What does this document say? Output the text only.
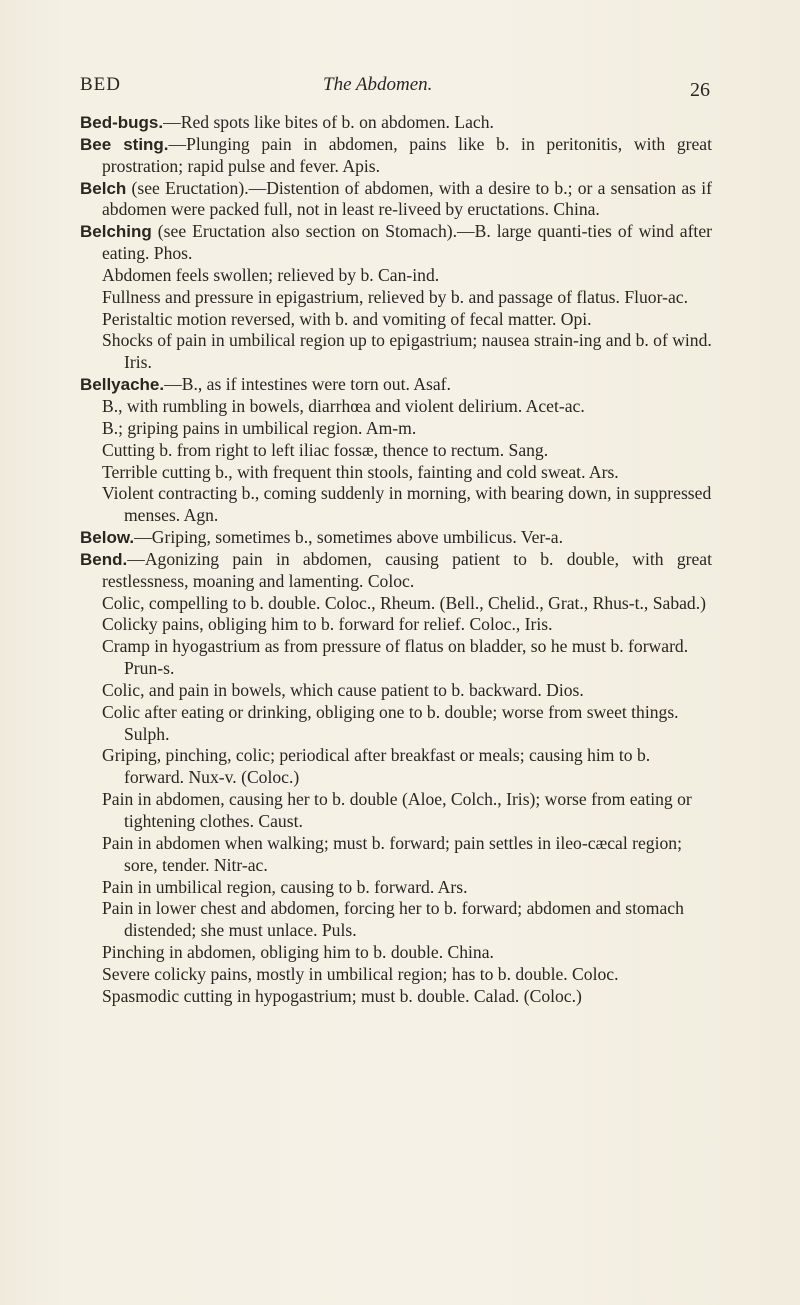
BED	The Abdomen.	26

Bed-bugs.—Red spots like bites of b. on abdomen. Lach.

Bee sting.—Plunging pain in abdomen, pains like b. in peritonitis, with great prostration; rapid pulse and fever. Apis.

Belch (see Eructation).—Distention of abdomen, with a desire to b.; or a sensation as if abdomen were packed full, not in least re-liveed by eructations. China.

Belching (see Eructation also section on Stomach).—B. large quanti-ties of wind after eating. Phos.

Abdomen feels swollen; relieved by b. Can-ind.

Fullness and pressure in epigastrium, relieved by b. and passage of flatus. Fluor-ac.

Peristaltic motion reversed, with b. and vomiting of fecal matter. Opi.

Shocks of pain in umbilical region up to epigastrium; nausea strain-ing and b. of wind. Iris.

Bellyache.—B., as if intestines were torn out. Asaf.

B., with rumbling in bowels, diarrhœa and violent delirium. Acet-ac.

B.; griping pains in umbilical region. Am-m.

Cutting b. from right to left iliac fossæ, thence to rectum. Sang.

Terrible cutting b., with frequent thin stools, fainting and cold sweat. Ars.

Violent contracting b., coming suddenly in morning, with bearing down, in suppressed menses. Agn.

Below.—Griping, sometimes b., sometimes above umbilicus. Ver-a.

Bend.—Agonizing pain in abdomen, causing patient to b. double, with great restlessness, moaning and lamenting. Coloc.

Colic, compelling to b. double. Coloc., Rheum. (Bell., Chelid., Grat., Rhus-t., Sabad.)

Colicky pains, obliging him to b. forward for relief. Coloc., Iris.

Cramp in hyogastrium as from pressure of flatus on bladder, so he must b. forward. Prun-s.

Colic, and pain in bowels, which cause patient to b. backward. Dios.

Colic after eating or drinking, obliging one to b. double; worse from sweet things. Sulph.

Griping, pinching, colic; periodical after breakfast or meals; causing him to b. forward. Nux-v. (Coloc.)

Pain in abdomen, causing her to b. double (Aloe, Colch., Iris); worse from eating or tightening clothes. Caust.

Pain in abdomen when walking; must b. forward; pain settles in ileo-cæcal region; sore, tender. Nitr-ac.

Pain in umbilical region, causing to b. forward. Ars.

Pain in lower chest and abdomen, forcing her to b. forward; abdomen and stomach distended; she must unlace. Puls.

Pinching in abdomen, obliging him to b. double. China.

Severe colicky pains, mostly in umbilical region; has to b. double. Coloc.

Spasmodic cutting in hypogastrium; must b. double. Calad. (Coloc.)
